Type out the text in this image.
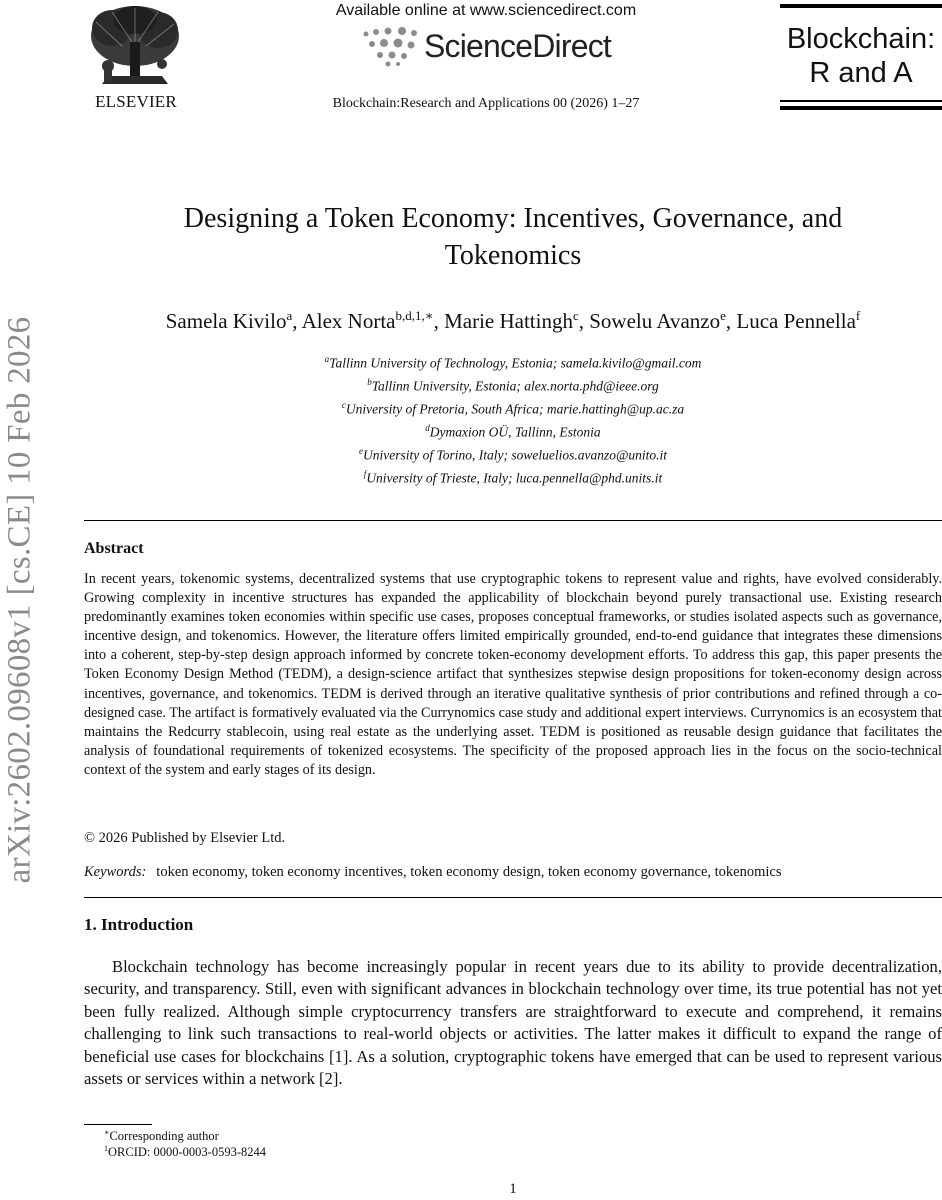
arXiv:2602.09608v1 [cs.CE] 10 Feb 2026
ELSEVIER
Available online at www.sciencedirect.com
ScienceDirect
Blockchain:Research and Applications 00 (2026) 1–27
Blockchain:
R and A
Designing a Token Economy: Incentives, Governance, and Tokenomics
Samela Kivilo$^a$, Alex Norta$^{b,d,1,∗}$, Marie Hattingh$^c$, Sowelu Avanzo$^e$, Luca Pennella$^f$
$^a$Tallinn University of Technology, Estonia; samela.kivilo@gmail.com
$^b$Tallinn University, Estonia; alex.norta.phd@ieee.org
$^c$University of Pretoria, South Africa; marie.hattingh@up.ac.za
$^d$Dymaxion OÜ, Tallinn, Estonia
$^e$University of Torino, Italy; soweluelios.avanzo@unito.it
$^f$University of Trieste, Italy; luca.pennella@phd.units.it
Abstract
In recent years, tokenomic systems, decentralized systems that use cryptographic tokens to represent value and rights, have evolved considerably. Growing complexity in incentive structures has expanded the applicability of blockchain beyond purely transactional use. Existing research predominantly examines token economies within specific use cases, proposes conceptual frameworks, or studies isolated aspects such as governance, incentive design, and tokenomics. However, the literature offers limited empirically grounded, end-to-end guidance that integrates these dimensions into a coherent, step-by-step design approach informed by concrete token-economy development efforts. To address this gap, this paper presents the Token Economy Design Method (TEDM), a design-science artifact that synthesizes stepwise design propositions for token-economy design across incentives, governance, and tokenomics. TEDM is derived through an iterative qualitative synthesis of prior contributions and refined through a co-designed case. The artifact is formatively evaluated via the Currynomics case study and additional expert interviews. Currynomics is an ecosystem that maintains the Redcurry stablecoin, using real estate as the underlying asset. TEDM is positioned as reusable design guidance that facilitates the analysis of foundational requirements of tokenized ecosystems. The specificity of the proposed approach lies in the focus on the socio-technical context of the system and early stages of its design.
© 2026 Published by Elsevier Ltd.
Keywords: token economy, token economy incentives, token economy design, token economy governance, tokenomics
1. Introduction
Blockchain technology has become increasingly popular in recent years due to its ability to provide decentralization, security, and transparency. Still, even with significant advances in blockchain technology over time, its true potential has not yet been fully realized. Although simple cryptocurrency transfers are straightforward to execute and comprehend, it remains challenging to link such transactions to real-world objects or activities. The latter makes it difficult to expand the range of beneficial use cases for blockchains [1]. As a solution, cryptographic tokens have emerged that can be used to represent various assets or services within a network [2].
∗Corresponding author
$^1$ORCID: 0000-0003-0593-8244
1
